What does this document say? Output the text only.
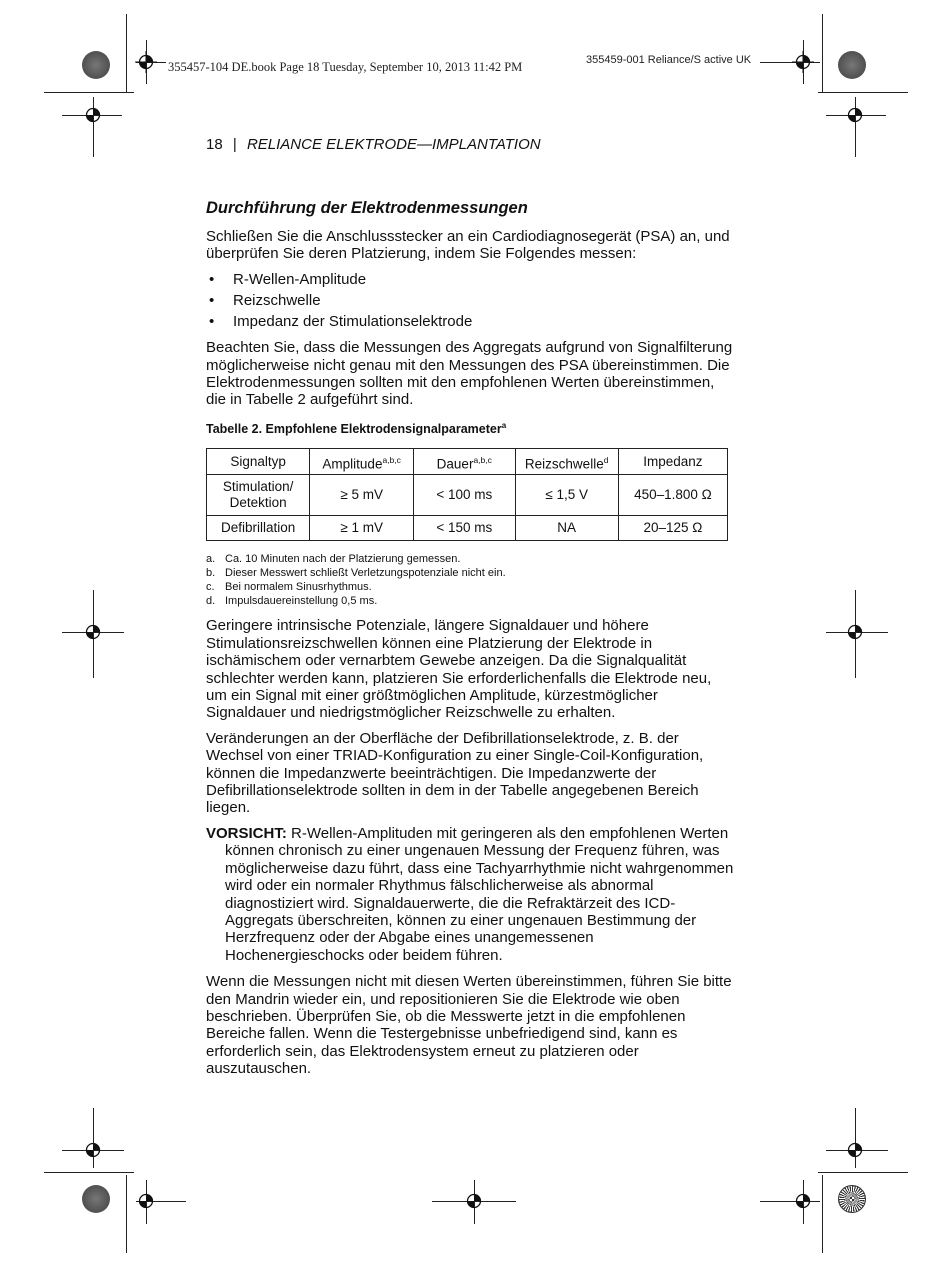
355457-104 DE.book Page 18 Tuesday, September 10, 2013 11:42 PM	355459-001 Reliance/S active UK
18 | RELIANCE ELEKTRODE—IMPLANTATION
Durchführung der Elektrodenmessungen

Schließen Sie die Anschlussstecker an ein Cardiodiagnosegerät (PSA) an, und überprüfen Sie deren Platzierung, indem Sie Folgendes messen:

• R-Wellen-Amplitude
• Reizschwelle
• Impedanz der Stimulationselektrode

Beachten Sie, dass die Messungen des Aggregats aufgrund von Signalfilterung möglicherweise nicht genau mit den Messungen des PSA übereinstimmen. Die Elektrodenmessungen sollten mit den empfohlenen Werten übereinstimmen, die in Tabelle 2 aufgeführt sind.

Tabelle 2. Empfohlene Elektrodensignalparameter$^a$
Signaltyp	Amplitude$^{a,b,c}$	Dauer$^{a,b,c}$	Reizschwelle$^d$	Impedanz
Stimulation/ Detektion	≥ 5 mV	< 100 ms	≤ 1,5 V	450–1.800 Ω
Defibrillation	≥ 1 mV	< 150 ms	NA	20–125 Ω
a. Ca. 10 Minuten nach der Platzierung gemessen.
b. Dieser Messwert schließt Verletzungspotenziale nicht ein.
c. Bei normalem Sinusrhythmus.
d. Impulsdauereinstellung 0,5 ms.

Geringere intrinsische Potenziale, längere Signaldauer und höhere Stimulationsreizschwellen können eine Platzierung der Elektrode in ischämischem oder vernarbtem Gewebe anzeigen. Da die Signalqualität schlechter werden kann, platzieren Sie erforderlichenfalls die Elektrode neu, um ein Signal mit einer größtmöglichen Amplitude, kürzestmöglicher Signaldauer und niedrigstmöglicher Reizschwelle zu erhalten.

Veränderungen an der Oberfläche der Defibrillationselektrode, z. B. der Wechsel von einer TRIAD-Konfiguration zu einer Single-Coil-Konfiguration, können die Impedanzwerte beeinträchtigen. Die Impedanzwerte der Defibrillationselektrode sollten in dem in der Tabelle angegebenen Bereich liegen.

VORSICHT: R-Wellen-Amplituden mit geringeren als den empfohlenen Werten können chronisch zu einer ungenauen Messung der Frequenz führen, was möglicherweise dazu führt, dass eine Tachyarrhythmie nicht wahrgenommen wird oder ein normaler Rhythmus fälschlicherweise als abnormal diagnostiziert wird. Signaldauerwerte, die die Refraktärzeit des ICD-Aggregats überschreiten, können zu einer ungenauen Bestimmung der Herzfrequenz oder der Abgabe eines unangemessenen Hochenergieschocks oder beidem führen.

Wenn die Messungen nicht mit diesen Werten übereinstimmen, führen Sie bitte den Mandrin wieder ein, und repositionieren Sie die Elektrode wie oben beschrieben. Überprüfen Sie, ob die Messwerte jetzt in die empfohlenen Bereiche fallen. Wenn die Testergebnisse unbefriedigend sind, kann es erforderlich sein, das Elektrodensystem erneut zu platzieren oder auszutauschen.
